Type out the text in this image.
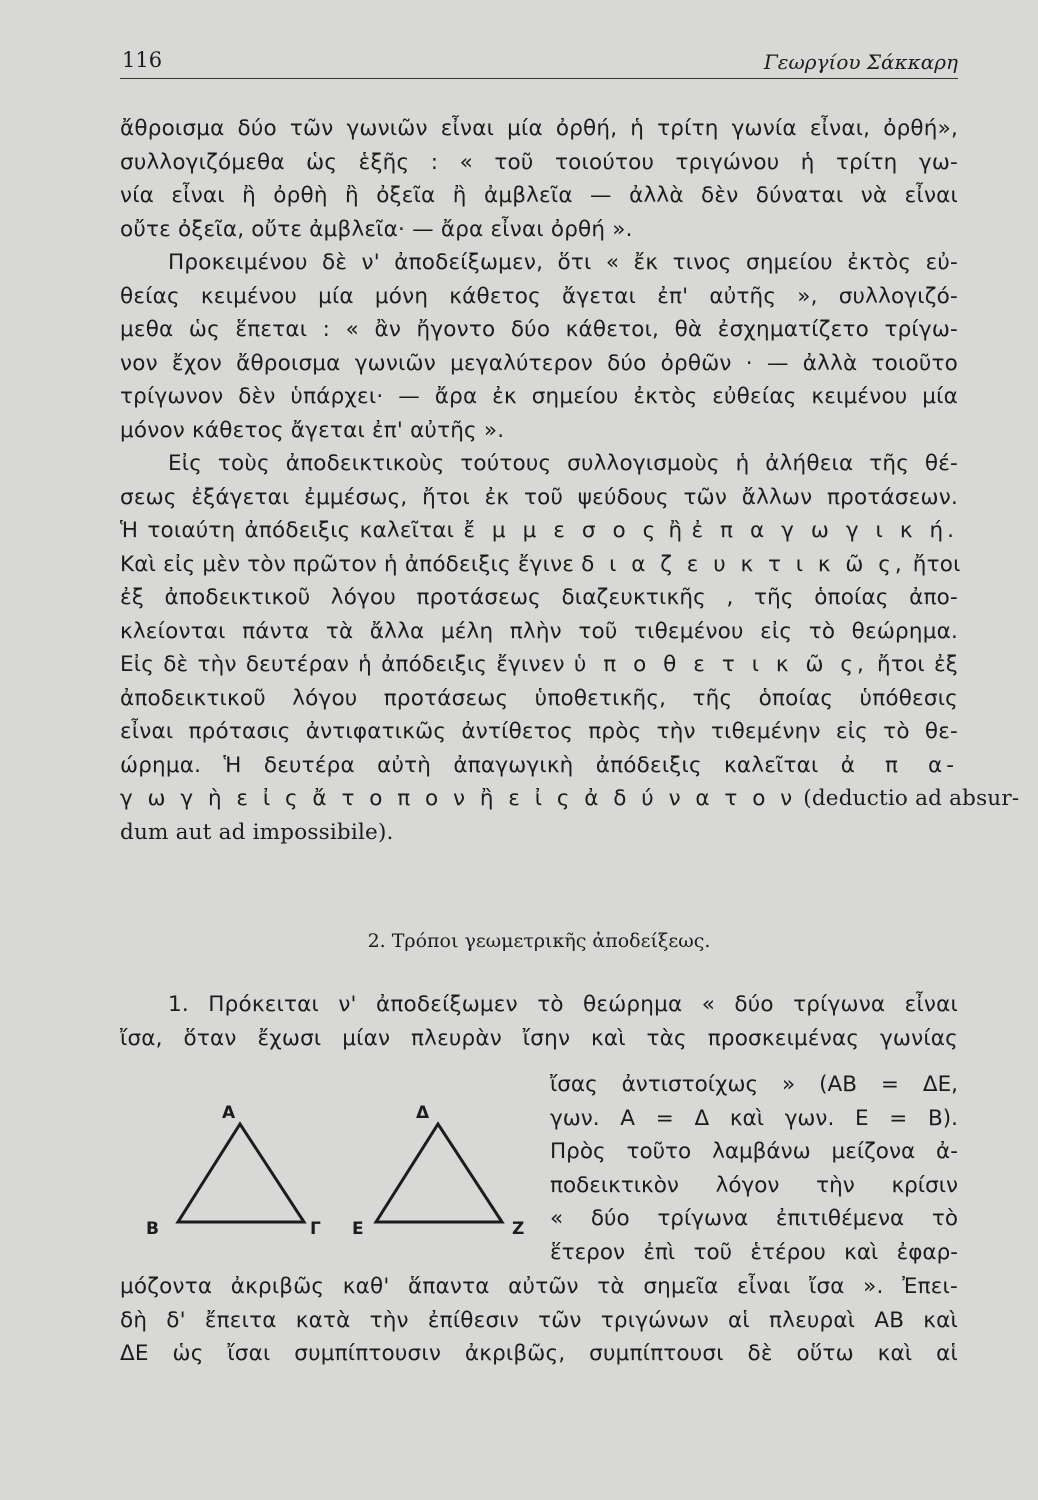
116	Γεωργίου Σάκκαρη
ἄθροισμα δύο τῶν γωνιῶν εἶναι μία ὀρθή, ἡ τρίτη γωνία εἶναι, ὀρθή»,
συλλογιζόμεθα ὡς ἑξῆς : « τοῦ τοιούτου τριγώνου ἡ τρίτη γω-
νία εἶναι ἢ ὀρθὴ ἢ ὀξεῖα ἢ ἀμβλεῖα — ἀλλὰ δὲν δύναται νὰ εἶναι
οὔτε ὀξεῖα, οὔτε ἀμβλεῖα· — ἄρα εἶναι ὀρθή ».
Προκειμένου δὲ ν' ἀποδείξωμεν, ὅτι « ἔκ τινος σημείου ἐκτὸς εὐ-
θείας κειμένου μία μόνη κάθετος ἄγεται ἐπ' αὐτῆς », συλλογιζό-
μεθα ὡς ἕπεται : « ἂν ἤγοντο δύο κάθετοι, θὰ ἐσχηματίζετο τρίγω-
νον ἔχον ἄθροισμα γωνιῶν μεγαλύτερον δύο ὀρθῶν · — ἀλλὰ τοιοῦτο
τρίγωνον δὲν ὑπάρχει· — ἄρα ἐκ σημείου ἐκτὸς εὐθείας κειμένου μία
μόνον κάθετος ἄγεται ἐπ' αὐτῆς ».
Εἰς τοὺς ἀποδεικτικοὺς τούτους συλλογισμοὺς ἡ ἀλήθεια τῆς θέ-
σεως ἐξάγεται ἐμμέσως, ἤτοι ἐκ τοῦ ψεύδους τῶν ἄλλων προτάσεων.
Ἡ τοιαύτη ἀπόδειξις καλεῖται ἔ μ μ ε σ ο ς ἢ ἐ π α γ ω γ ι κ ή.
Καὶ εἰς μὲν τὸν πρῶτον ἡ ἀπόδειξις ἔγινε δ ι α ζ ε υ κ τ ι κ ῶ ς, ἤτοι
ἐξ ἀποδεικτικοῦ λόγου προτάσεως διαζευκτικῆς , τῆς ὁποίας ἀπο-
κλείονται πάντα τὰ ἄλλα μέλη πλὴν τοῦ τιθεμένου εἰς τὸ θεώρημα.
Εἰς δὲ τὴν δευτέραν ἡ ἀπόδειξις ἔγινεν ὑ π ο θ ε τ ι κ ῶ ς, ἤτοι ἐξ
ἀποδεικτικοῦ λόγου προτάσεως ὑποθετικῆς, τῆς ὁποίας ὑπόθεσις
εἶναι πρότασις ἀντιφατικῶς ἀντίθετος πρὸς τὴν τιθεμένην εἰς τὸ θε-
ώρημα. Ἡ δευτέρα αὐτὴ ἀπαγωγικὴ ἀπόδειξις καλεῖται ἀ π α-
γ ω γ ὴ ε ἰ ς ἄ τ ο π ο ν ἢ ε ἰ ς ἀ δ ύ ν α τ ο ν (deductio ad absur-
dum aut ad impossibile).
2. Τρόποι γεωμετρικῆς ἀποδείξεως.
1. Πρόκειται ν' ἀποδείξωμεν τὸ θεώρημα « δύο τρίγωνα εἶναι
ἴσα, ὅταν ἔχωσι μίαν πλευρὰν ἴσην καὶ τὰς προσκειμένας γωνίας
ἴσας ἀντιστοίχως » (ΑΒ = ΔΕ,
γων. Α = Δ καὶ γων. Ε = Β).
Πρὸς τοῦτο λαμβάνω μείζονα ἀ-
ποδεικτικὸν λόγον τὴν κρίσιν
« δύο τρίγωνα ἐπιτιθέμενα τὸ
ἕτερον ἐπὶ τοῦ ἑτέρου καὶ ἐφαρ-
Α
Β	Γ
Δ
Ε	Ζ
μόζοντα ἀκριβῶς καθ' ἅπαντα αὐτῶν τὰ σημεῖα εἶναι ἴσα ». Ἐπει-
δὴ δ' ἔπειτα κατὰ τὴν ἐπίθεσιν τῶν τριγώνων αἱ πλευραὶ ΑΒ καὶ
ΔΕ ὡς ἴσαι συμπίπτουσιν ἀκριβῶς, συμπίπτουσι δὲ οὕτω καὶ αἱ
